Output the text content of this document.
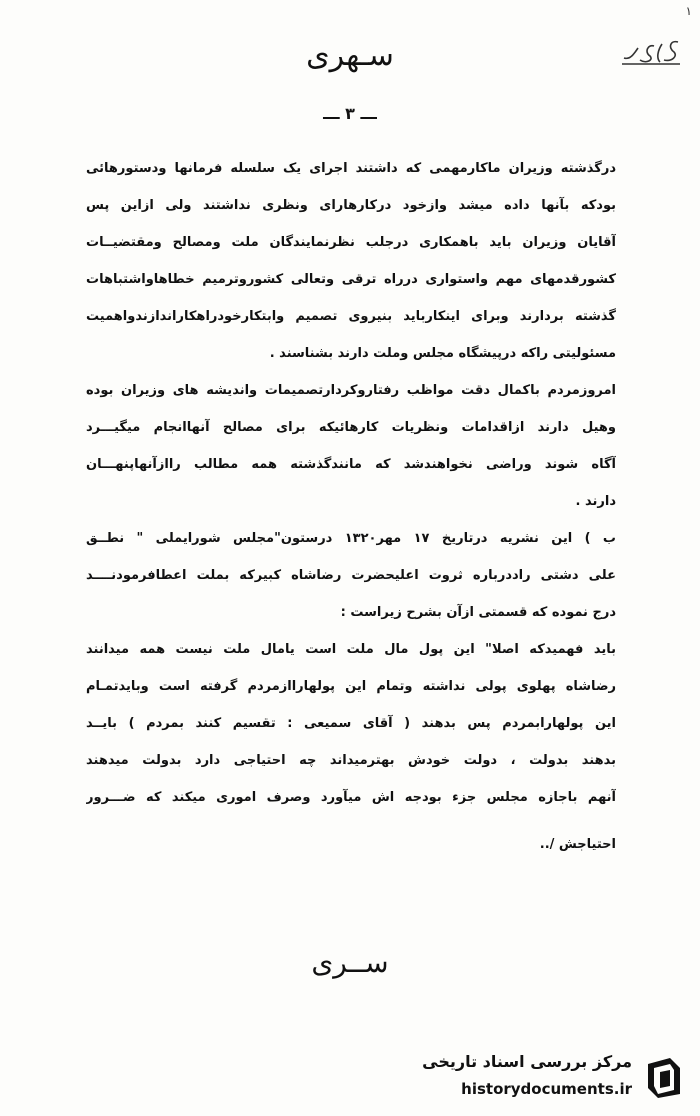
۱
سـهری
ـــ ۳ ـــ
درگذشته وزیران ماکارمهمی که داشتند اجرای یک سلسله فرمانها ودستورهائی
بودکه بآنها داده میشد وازخود درکارهارای ونظری نداشتند ولی ازاین پس
آقایان وزیران باید باهمکاری درجلب نظرنمایندگان ملت ومصالح ومقتضیــات
کشورقدمهای مهم واستواری درراه ترقی وتعالی کشوروترمیم خطاهاواشتباهات
گذشته بردارند وبرای اینکارباید بنیروی تصمیم وابتکارخودراهکاراندازندواهمیت
مسئولیتی راکه درپیشگاه مجلس وملت دارند بشناسند .
امروزمردم باکمال دقت مواظب رفتاروکردارتصمیمات واندیشه های وزیران بوده
وهیل دارند ازاقدامات ونظریات کارهائیکه برای مصالح آنهاانجام میگیـــرد
آگاه شوند وراضی نخواهندشد که مانندگذشته همه مطالب راازآنهاپنهـــان
دارند .
ب ) این نشریه درتاریخ ۱۷ مهر۱۳۲۰ درستون"مجلس شورایملی " نطــق
علی دشتی راددرباره ثروت اعلیحضرت رضاشاه کبیرکه بملت اعطافرمودنــــد
درج نموده که قسمتی ازآن بشرح زیراست :
باید فهمیدکه اصلا" این پول مال ملت است یامال ملت نیست همه میدانند
رضاشاه پهلوی پولی نداشته وتمام این پولهاراازمردم گرفته است وبایدتمـام
این پولهارابمردم پس بدهند ( آقای سمیعی : تقسیم کنند بمردم ) بایــد
بدهند بدولت ، دولت خودش بهترمیداند چه احتیاجی دارد بدولت میدهند
آنهم باجازه مجلس جزء بودجه اش میآورد وصرف اموری میکند که ضـــرور
احتیاجش /..
ســری
مرکز بررسی اسناد تاریخی
historydocuments.ir
